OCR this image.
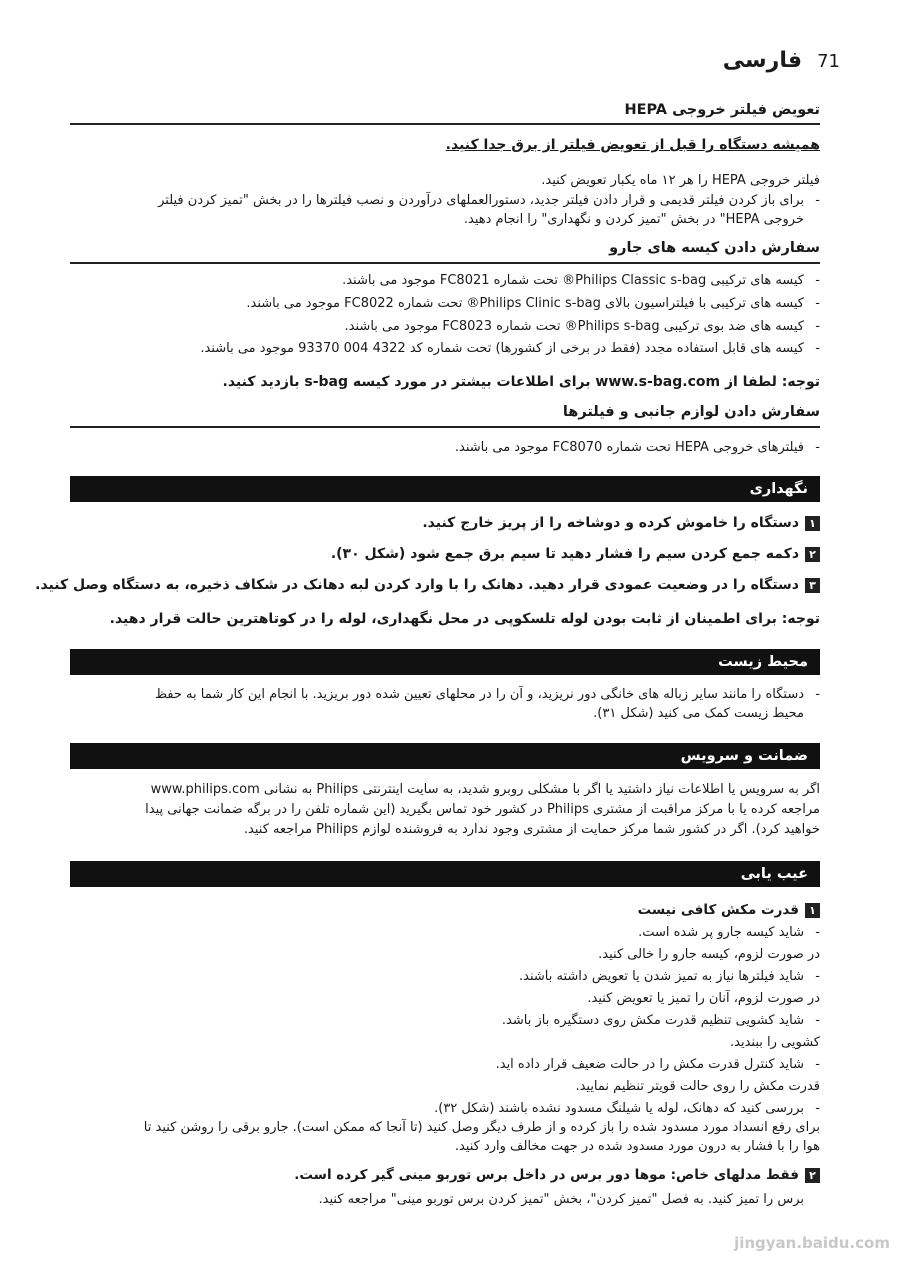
فارسی 71
تعویض فیلتر خروجی HEPA
همیشه دستگاه را قبل از تعویض فیلتر از برق جدا کنید.
فیلتر خروجی HEPA را هر ۱۲ ماه یکبار تعویض کنید.
-
برای باز کردن فیلتر قدیمی و قرار دادن فیلتر جدید، دستورالعملهای درآوردن و نصب فیلترها را در بخش "تمیز کردن فیلتر
خروجی HEPA" در بخش "تمیز کردن و نگهداری" را انجام دهید.
سفارش دادن کیسه های جارو
-
کیسه های ترکیبی Philips Classic s-bag® تحت شماره FC8021 موجود می باشند.
-
کیسه های ترکیبی با فیلتراسیون بالای Philips Clinic s-bag® تحت شماره FC8022 موجود می باشند.
-
کیسه های ضد بوی ترکیبی Philips s-bag® تحت شماره FC8023 موجود می باشند.
-
کیسه های قابل استفاده مجدد (فقط در برخی از کشورها) تحت شماره کد 4322 004 93370 موجود می باشند.
توجه: لطفا از www.s-bag.com برای اطلاعات بیشتر در مورد کیسه s-bag بازدید کنید.
سفارش دادن لوازم جانبی و فیلترها
-
فیلترهای خروجی HEPA تحت شماره FC8070 موجود می باشند.
نگهداری
۱دستگاه را خاموش کرده و دوشاخه را از پریز خارج کنید.
۲دکمه جمع کردن سیم را فشار دهید تا سیم برق جمع شود (شکل ۳۰).
۳دستگاه را در وضعیت عمودی قرار دهید. دهانک را با وارد کردن لبه دهانک در شکاف ذخیره، به دستگاه وصل کنید.
توجه: برای اطمینان از ثابت بودن لوله تلسکوپی در محل نگهداری، لوله را در کوتاهترین حالت قرار دهید.
محیط زیست
-
دستگاه را مانند سایر زباله های خانگی دور نریزید، و آن را در محلهای تعیین شده دور بریزید. با انجام این کار شما به حفظ
محیط زیست کمک می کنید (شکل ۳۱).
ضمانت و سرویس
اگر به سرویس یا اطلاعات نیاز داشتید یا اگر با مشکلی روبرو شدید، به سایت اینترنتی Philips به نشانی www.philips.com
مراجعه کرده یا با مرکز مراقبت از مشتری Philips در کشور خود تماس بگیرید (این شماره تلفن را در برگه ضمانت جهانی پیدا
خواهید کرد). اگر در کشور شما مرکز حمایت از مشتری وجود ندارد به فروشنده لوازم Philips مراجعه کنید.
عیب یابی
۱قدرت مکش کافی نیست
-
شاید کیسه جارو پر شده است.
در صورت لزوم، کیسه جارو را خالی کنید.
-
شاید فیلترها نیاز به تمیز شدن یا تعویض داشته باشند.
در صورت لزوم، آنان را تمیز یا تعویض کنید.
-
شاید کشویی تنظیم قدرت مکش روی دستگیره باز باشد.
کشویی را ببندید.
-
شاید کنترل قدرت مکش را در حالت ضعیف قرار داده اید.
قدرت مکش را روی حالت قویتر تنظیم نمایید.
-
بررسی کنید که دهانک، لوله یا شیلنگ مسدود نشده باشند (شکل ۳۲).
برای رفع انسداد مورد مسدود شده را باز کرده و از طرف دیگر وصل کنید (تا آنجا که ممکن است). جارو برقی را روشن کنید تا
هوا را با فشار به درون مورد مسدود شده در جهت مخالف وارد کنید.
۲فقط مدلهای خاص: موها دور برس در داخل برس توربو مینی گیر کرده است.
برس را تمیز کنید. به فصل "تمیز کردن"، بخش "تمیز کردن برس توربو مینی" مراجعه کنید.
jingyan.baidu.com
